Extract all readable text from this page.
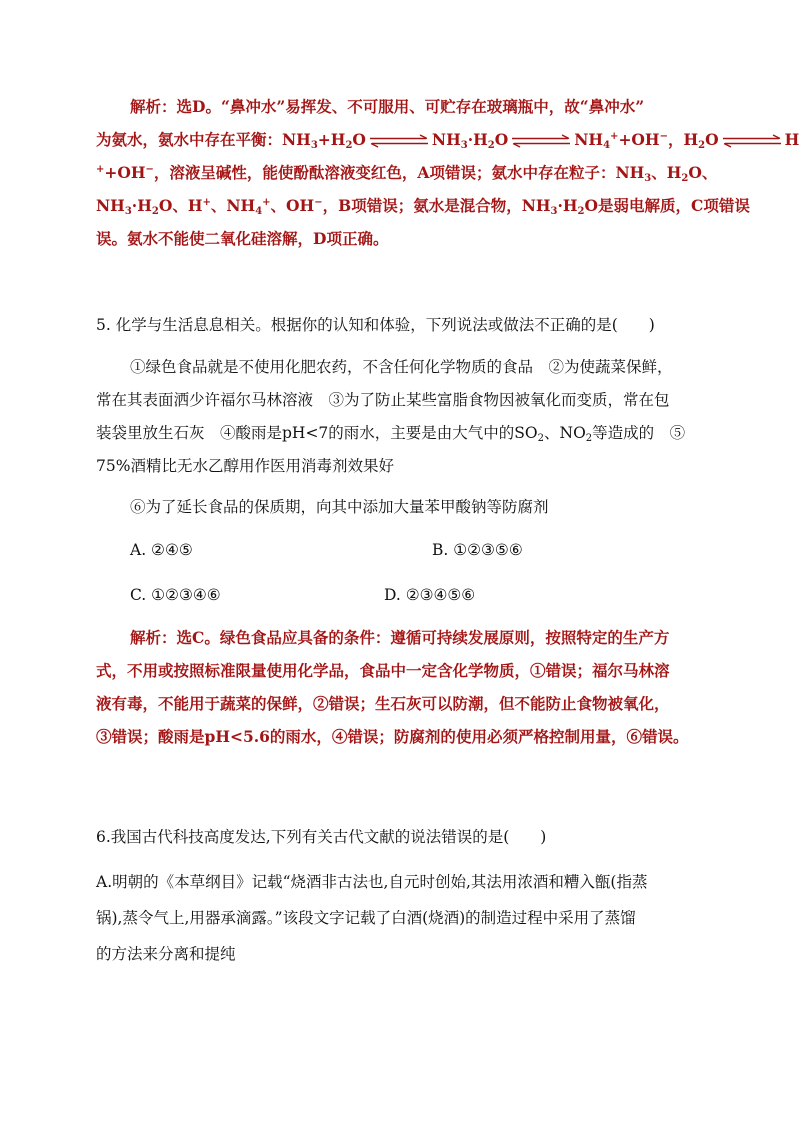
解析：选D。“鼻冲水”易挥发、不可服用、可贮存在玻璃瓶中，故“鼻冲水”
为氨水，氨水中存在平衡：$NH_3+H_2O$ ⇌ $NH_3\cdot H_2O$ ⇌ $NH_4^++OH^-$，$H_2O$ ⇌ H
++OH−，溶液呈碱性，能使酚酞溶液变红色，A项错误；氨水中存在粒子：$NH_3$、$H_2O$、
$NH_3\cdot H_2O$、H+、$NH_4^+$、OH−，B项错误；氨水是混合物，$NH_3\cdot H_2O$是弱电解质，C项错误
误。氨水不能使二氧化硅溶解，D项正确。
5. 化学与生活息息相关。根据你的认知和体验，下列说法或做法不正确的是(　　)
①绿色食品就是不使用化肥农药，不含任何化学物质的食品　②为使蔬菜保鲜，
常在其表面洒少许福尔马林溶液　③为了防止某些富脂食物因被氧化而变质，常在包
装袋里放生石灰　④酸雨是pH<7的雨水，主要是由大气中的$SO_2$、$NO_2$等造成的　⑤
75%酒精比无水乙醇用作医用消毒剂效果好
⑥为了延长食品的保质期，向其中添加大量苯甲酸钠等防腐剂
A. ②④⑤	B. ①②③⑤⑥
C. ①②③④⑥	D. ②③④⑤⑥
解析：选C。绿色食品应具备的条件：遵循可持续发展原则，按照特定的生产方
式，不用或按照标准限量使用化学品，食品中一定含化学物质，①错误；福尔马林溶
液有毒，不能用于蔬菜的保鲜，②错误；生石灰可以防潮，但不能防止食物被氧化，
③错误；酸雨是pH<5.6的雨水，④错误；防腐剂的使用必须严格控制用量，⑥错误。
6.我国古代科技高度发达,下列有关古代文献的说法错误的是(　　)
A.明朝的《本草纲目》记载“烧酒非古法也,自元时创始,其法用浓酒和糟入甑(指蒸
锅),蒸令气上,用器承滴露。”该段文字记载了白酒(烧酒)的制造过程中采用了蒸馏
的方法来分离和提纯
